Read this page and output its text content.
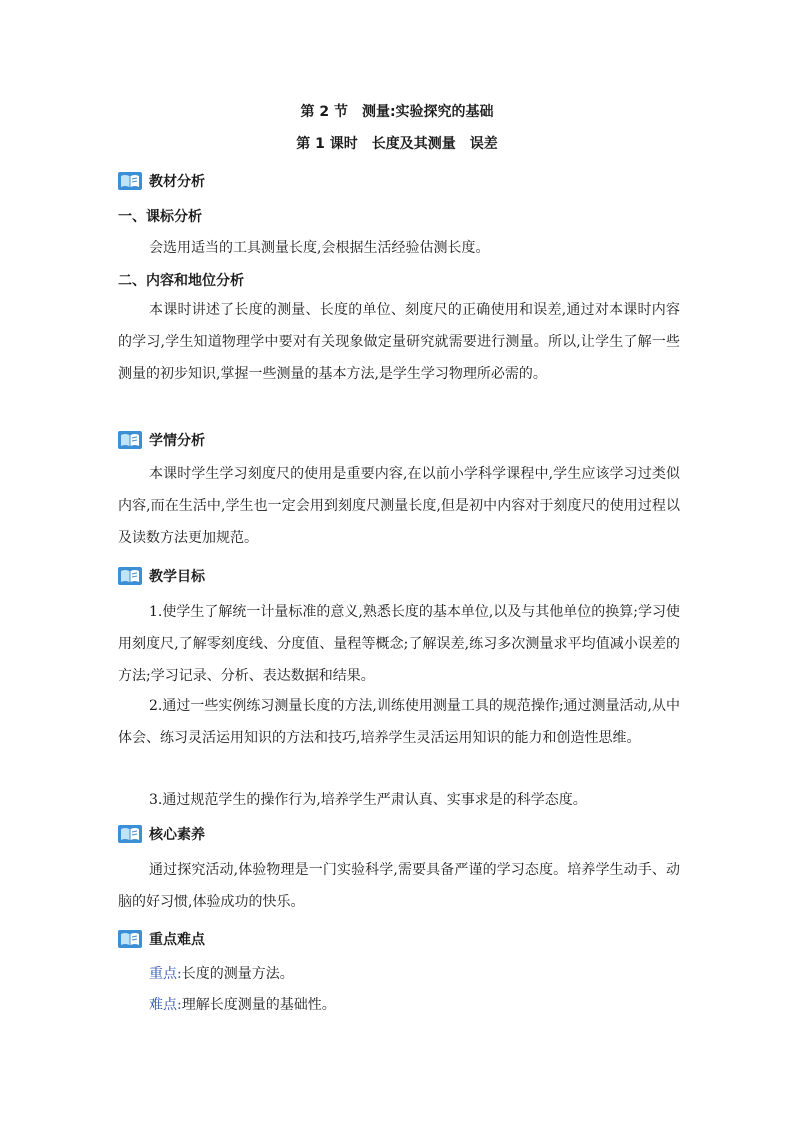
第 2 节　测量:实验探究的基础
第 1 课时　长度及其测量　误差
教材分析
一、课标分析

会选用适当的工具测量长度,会根据生活经验估测长度。

二、内容和地位分析

本课时讲述了长度的测量、长度的单位、刻度尺的正确使用和误差,通过对本课时内容的学习,学生知道物理学中要对有关现象做定量研究就需要进行测量。所以,让学生了解一些测量的初步知识,掌握一些测量的基本方法,是学生学习物理所必需的。

学情分析

本课时学生学习刻度尺的使用是重要内容,在以前小学科学课程中,学生应该学习过类似内容,而在生活中,学生也一定会用到刻度尺测量长度,但是初中内容对于刻度尺的使用过程以及读数方法更加规范。

教学目标

1.使学生了解统一计量标准的意义,熟悉长度的基本单位,以及与其他单位的换算;学习使用刻度尺,了解零刻度线、分度值、量程等概念;了解误差,练习多次测量求平均值减小误差的方法;学习记录、分析、表达数据和结果。

2.通过一些实例练习测量长度的方法,训练使用测量工具的规范操作;通过测量活动,从中体会、练习灵活运用知识的方法和技巧,培养学生灵活运用知识的能力和创造性思维。

3.通过规范学生的操作行为,培养学生严肃认真、实事求是的科学态度。

核心素养

通过探究活动,体验物理是一门实验科学,需要具备严谨的学习态度。培养学生动手、动脑的好习惯,体验成功的快乐。

重点难点
重点:长度的测量方法。
难点:理解长度测量的基础性。
